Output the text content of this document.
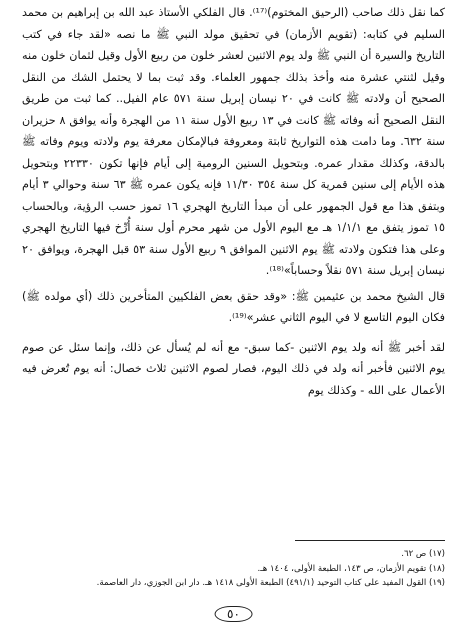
كما نقل ذلك صاحب (الرحيق المختوم)⁽¹⁷⁾. قال الفلكي الأستاذ عبد الله بن إبراهيم بن محمد السليم في كتابه: (تقويم الأزمان) في تحقيق مولد النبي ﷺ ما نصه «لقد جاء في كتب التاريخ والسيرة أن النبي ﷺ ولد يوم الاثنين لعشر خلون من ربيع الأول وقيل لثمان خلون منه وقيل لثنتي عشرة منه وأخذ بذلك جمهور العلماء. وقد ثبت بما لا يحتمل الشك من النقل الصحيح أن ولادته ﷺ كانت في ٢٠ نيسان إبريل سنة ٥٧١ عام الفيل.. كما ثبت من طريق النقل الصحيح أنه وفاته ﷺ كانت في ١٣ ربيع الأول سنة ١١ من الهجرة وأنه يوافق ٨ حزيران سنة ٦٣٢. وما دامت هذه التواريخ ثابتة ومعروفة فبالإمكان معرفة يوم ولادته ويوم وفاته ﷺ بالدقة، وكذلك مقدار عمره. وبتحويل السنين الرومية إلى أيام فإنها تكون ٢٢٣٣٠ وبتحويل هذه الأيام إلى سنين قمرية كل سنة ٣٥٤ ١١/٣٠ فإنه يكون عمره ﷺ ٦٣ سنة وحوالي ٣ أيام وبتفق هذا مع قول الجمهور على أن مبدأ التاريخ الهجري ١٦ تموز حسب الرؤية، وبالحساب ١٥ تموز يتفق مع ١/١/١ هـ مع اليوم الأول من شهر محرم أول سنة أُرِّخ فيها التاريخ الهجري وعلى هذا فتكون ولادته ﷺ يوم الاثنين الموافق ٩ ربيع الأول سنة ٥٣ قبل الهجرة، ويوافق ٢٠ نيسان إبريل سنة ٥٧١ نقلاً وحساباً»⁽¹⁸⁾.

قال الشيخ محمد بن عثيمين ﷺ: «وقد حقق بعض الفلكيين المتأخرين ذلك (أي مولده ﷺ) فكان اليوم التاسع لا في اليوم الثاني عشر»⁽¹⁹⁾.

لقد أخبر ﷺ أنه ولد يوم الاثنين -كما سبق- مع أنه لم يُسأل عن ذلك، وإنما سئل عن صوم يوم الاثنين فأخبر أنه ولد في ذلك اليوم، فصار لصوم الاثنين ثلاث خصال: أنه يوم تُعرض فيه الأعمال على الله - وكذلك يوم

(١٧) ص ٦٢.

(١٨) تقويم الأزمان، ص ١٤٣، الطبعة الأولى، ١٤٠٤ هـ.

(١٩) القول المفيد على كتاب التوحيد (٤٩١/١) الطبعة الأولى ١٤١٨ هـ. دار ابن الجوزي، دار العاصمة.

٥٠
